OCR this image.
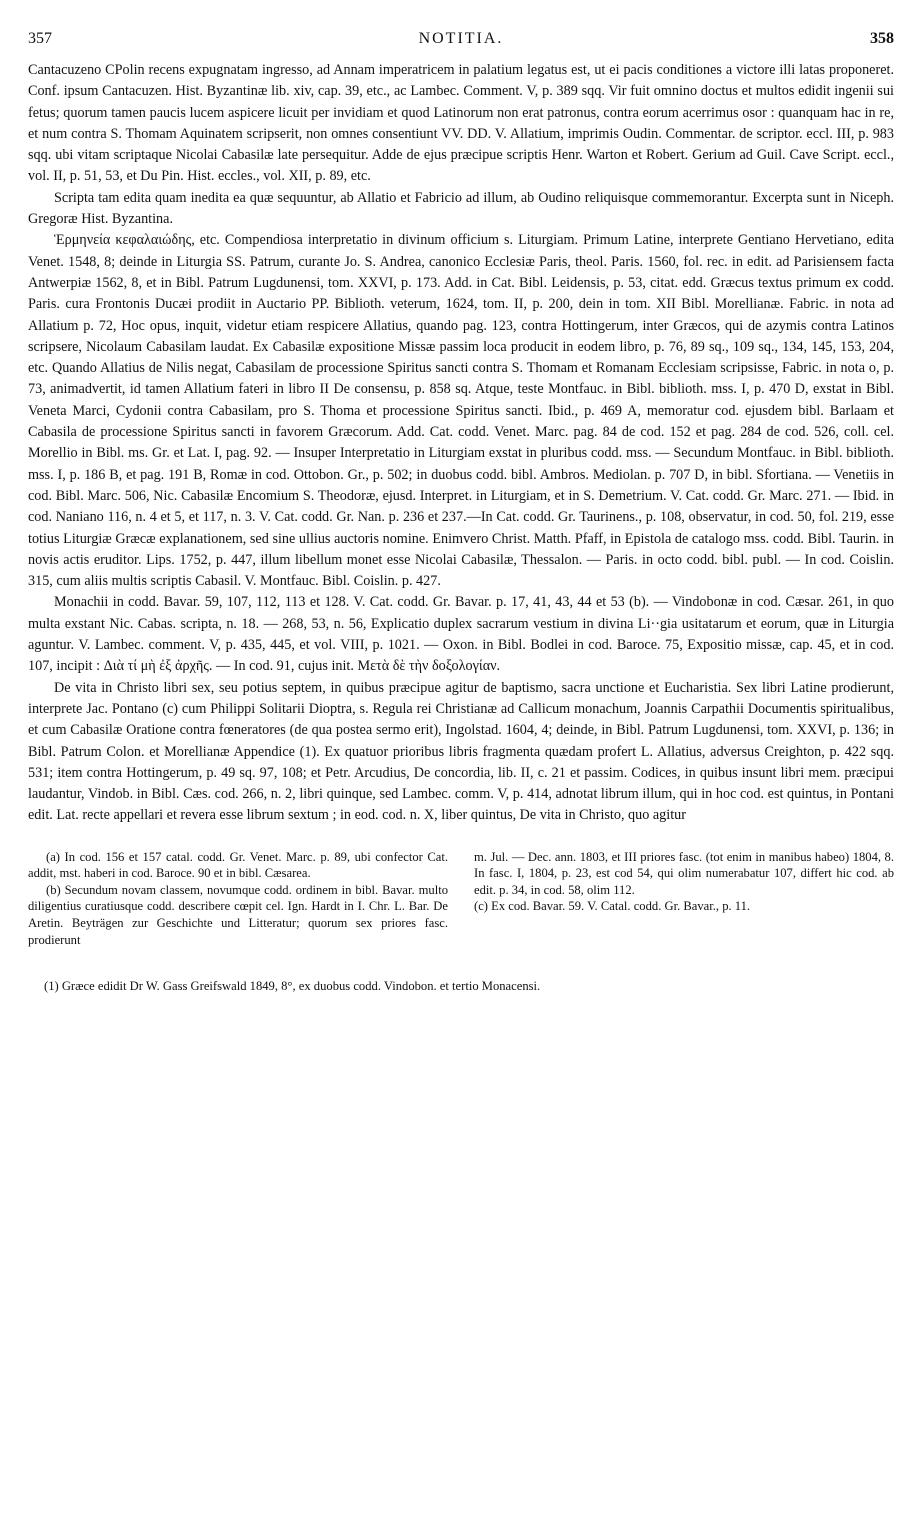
357	NOTITIA.	358

Cantacuzeno CPolin recens expugnatam ingresso, ad Annam imperatricem in palatium legatus est, ut ei pacis conditiones a victore illi latas proponeret. Conf. ipsum Cantacuzen. Hist. Byzantinæ lib. xiv, cap. 39, etc., ac Lambec. Comment. V, p. 389 sqq. Vir fuit omnino doctus et multos edidit ingenii sui fetus; quorum tamen paucis lucem aspicere licuit per invidiam et quod Latinorum non erat patronus, contra eorum acerrimus osor : quanquam hac in re, et num contra S. Thomam Aquinatem scripserit, non omnes consentiunt VV. DD. V. Allatium, imprimis Oudin. Commentar. de scriptor. eccl. III, p. 983 sqq. ubi vitam scriptaque Nicolai Cabasilæ late persequitur. Adde de ejus præcipue scriptis Henr. Warton et Robert. Gerium ad Guil. Cave Script. eccl., vol. II, p. 51, 53, et Du Pin. Hist. eccles., vol. XII, p. 89, etc.

Scripta tam edita quam inedita ea quæ sequuntur, ab Allatio et Fabricio ad illum, ab Oudino reliquisque commemorantur. Excerpta sunt in Niceph. Gregoræ Hist. Byzantina.

Ἑρμηνεία κεφαλαιώδης, etc. Compendiosa interpretatio in divinum officium s. Liturgiam. Primum Latine, interprete Gentiano Hervetiano, edita Venet. 1548, 8; deinde in Liturgia SS. Patrum, curante Jo. S. Andrea, canonico Ecclesiæ Paris, theol. Paris. 1560, fol. rec. in edit. ad Parisiensem facta Antwerpiæ 1562, 8, et in Bibl. Patrum Lugdunensi, tom. XXVI, p. 173. Add. in Cat. Bibl. Leidensis, p. 53, citat. edd. Græcus textus primum ex codd. Paris. cura Frontonis Ducæi prodiit in Auctario PP. Biblioth. veterum, 1624, tom. II, p. 200, dein in tom. XII Bibl. Morellianæ. Fabric. in nota ad Allatium p. 72, Hoc opus, inquit, videtur etiam respicere Allatius, quando pag. 123, contra Hottingerum, inter Græcos, qui de azymis contra Latinos scripsere, Nicolaum Cabasilam laudat. Ex Cabasilæ expositione Missæ passim loca producit in eodem libro, p. 76, 89 sq., 109 sq., 134, 145, 153, 204, etc. Quando Allatius de Nilis negat, Cabasilam de processione Spiritus sancti contra S. Thomam et Romanam Ecclesiam scripsisse, Fabric. in nota o, p. 73, animadvertit, id tamen Allatium fateri in libro II De consensu, p. 858 sq. Atque, teste Montfauc. in Bibl. biblioth. mss. I, p. 470 D, exstat in Bibl. Veneta Marci, Cydonii contra Cabasilam, pro S. Thoma et processione Spiritus sancti. Ibid., p. 469 A, memoratur cod. ejusdem bibl. Barlaam et Cabasila de processione Spiritus sancti in favorem Græcorum. Add. Cat. codd. Venet. Marc. pag. 84 de cod. 152 et pag. 284 de cod. 526, coll. cel. Morellio in Bibl. ms. Gr. et Lat. I, pag. 92. — Insuper Interpretatio in Liturgiam exstat in pluribus codd. mss. — Secundum Montfauc. in Bibl. biblioth. mss. I, p. 186 B, et pag. 191 B, Romæ in cod. Ottobon. Gr., p. 502; in duobus codd. bibl. Ambros. Mediolan. p. 707 D, in bibl. Sfortiana. — Venetiis in cod. Bibl. Marc. 506, Nic. Cabasilæ Encomium S. Theodoræ, ejusd. Interpret. in Liturgiam, et in S. Demetrium. V. Cat. codd. Gr. Marc. 271. — Ibid. in cod. Naniano 116, n. 4 et 5, et 117, n. 3. V. Cat. codd. Gr. Nan. p. 236 et 237.—In Cat. codd. Gr. Taurinens., p. 108, observatur, in cod. 50, fol. 219, esse totius Liturgiæ Græcæ explanationem, sed sine ullius auctoris nomine. Enimvero Christ. Matth. Pfaff, in Epistola de catalogo mss. codd. Bibl. Taurin. in novis actis eruditor. Lips. 1752, p. 447, illum libellum monet esse Nicolai Cabasilæ, Thessalon. — Paris. in octo codd. bibl. publ. — In cod. Coislin. 315, cum aliis multis scriptis Cabasil. V. Montfauc. Bibl. Coislin. p. 427.

Monachii in codd. Bavar. 59, 107, 112, 113 et 128. V. Cat. codd. Gr. Bavar. p. 17, 41, 43, 44 et 53 (b). — Vindobonæ in cod. Cæsar. 261, in quo multa exstant Nic. Cabas. scripta, n. 18. — 268, 53, n. 56, Explicatio duplex sacrarum vestium in divina Li··gia usitatarum et eorum, quæ in Liturgia aguntur. V. Lambec. comment. V, p. 435, 445, et vol. VIII, p. 1021. — Oxon. in Bibl. Bodlei in cod. Baroce. 75, Expositio missæ, cap. 45, et in cod. 107, incipit : Διὰ τί μὴ ἐξ ἀρχῆς. — In cod. 91, cujus init. Μετὰ δὲ τὴν δοξολογίαν.

De vita in Christo libri sex, seu potius septem, in quibus præcipue agitur de baptismo, sacra unctione et Eucharistia. Sex libri Latine prodierunt, interprete Jac. Pontano (c) cum Philippi Solitarii Dioptra, s. Regula rei Christianæ ad Callicum monachum, Joannis Carpathii Documentis spiritualibus, et cum Cabasilæ Oratione contra fœneratores (de qua postea sermo erit), Ingolstad. 1604, 4; deinde, in Bibl. Patrum Lugdunensi, tom. XXVI, p. 136; in Bibl. Patrum Colon. et Morellianæ Appendice (1). Ex quatuor prioribus libris fragmenta quædam profert L. Allatius, adversus Creighton, p. 422 sqq. 531; item contra Hottingerum, p. 49 sq. 97, 108; et Petr. Arcudius, De concordia, lib. II, c. 21 et passim. Codices, in quibus insunt libri mem. præcipui laudantur, Vindob. in Bibl. Cæs. cod. 266, n. 2, libri quinque, sed Lambec. comm. V, p. 414, adnotat librum illum, qui in hoc cod. est quintus, in Pontani edit. Lat. recte appellari et revera esse librum sextum ; in eod. cod. n. X, liber quintus, De vita in Christo, quo agitur

(a) In cod. 156 et 157 catal. codd. Gr. Venet. Marc. p. 89, ubi confector Cat. addit, mst. haberi in cod. Baroce. 90 et in bibl. Cæsarea.

(b) Secundum novam classem, novumque codd. ordinem in bibl. Bavar. multo diligentius curatiusque codd. describere cœpit cel. Ign. Hardt in I. Chr. L. Bar. De Aretin. Beyträgen zur Geschichte und Litteratur; quorum sex priores fasc. prodierunt

m. Jul. — Dec. ann. 1803, et III priores fasc. (tot enim in manibus habeo) 1804, 8. In fasc. I, 1804, p. 23, est cod 54, qui olim numerabatur 107, differt hic cod. ab edit. p. 34, in cod. 58, olim 112.

(c) Ex cod. Bavar. 59. V. Catal. codd. Gr. Bavar., p. 11.

(1) Græce edidit Dr W. Gass Greifswald 1849, 8°, ex duobus codd. Vindobon. et tertio Monacensi.
